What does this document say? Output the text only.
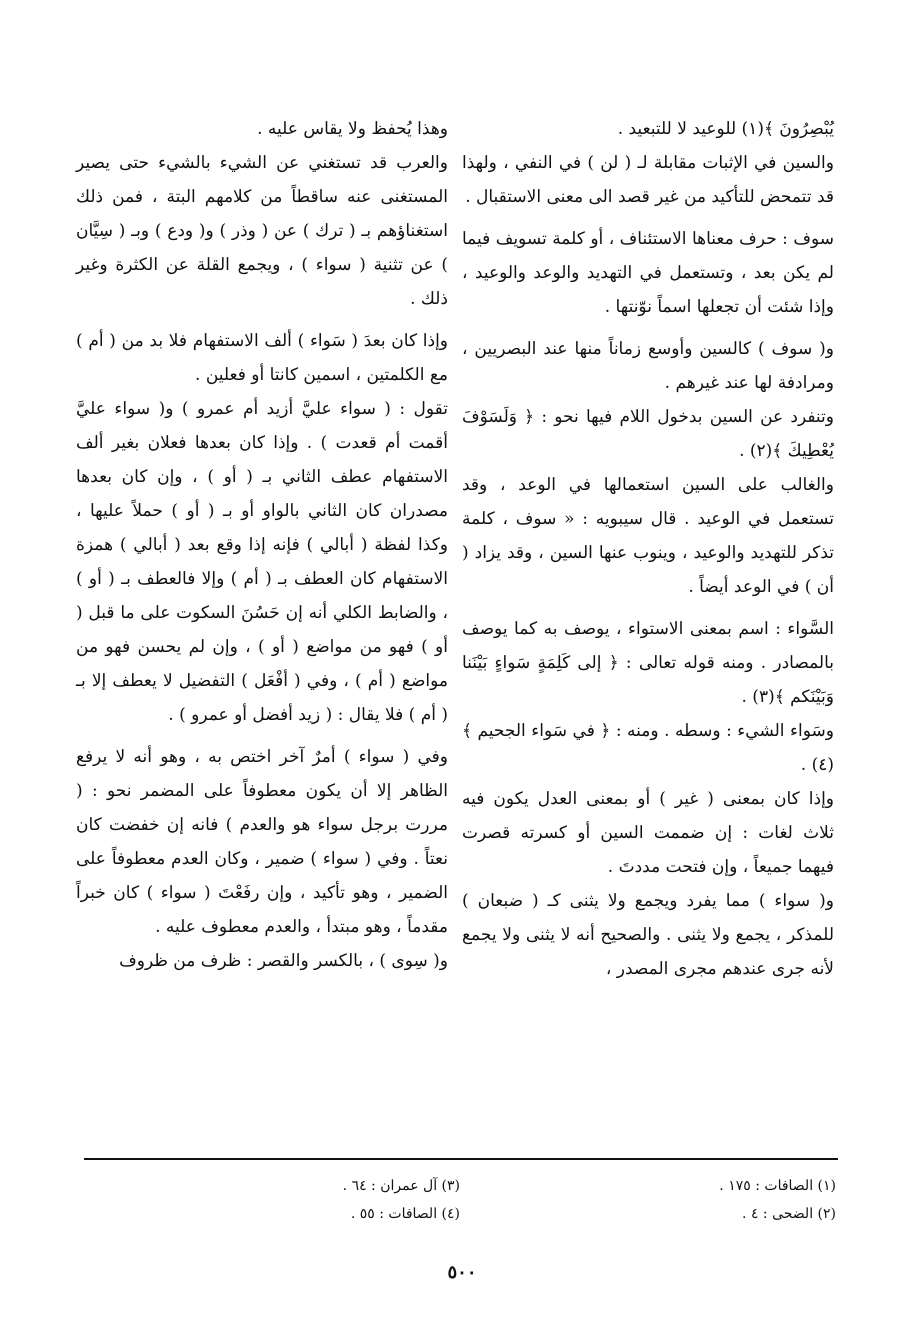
يُبْصِرُونَ ﴾(١) للوعيد لا للتبعيد .

والسين في الإثبات مقابلة لـ ( لن ) في النفي ، ولهذا قد تتمحض للتأكيد من غير قصد الى معنى الاستقبال .

سوف : حرف معناها الاستئناف ، أو كلمة تسويف فيما لم يكن بعد ، وتستعمل في التهديد والوعد والوعيد ، وإذا شئت أن تجعلها اسماً نوّنتها .

و( سوف ) كالسين وأوسع زماناً منها عند البصريين ، ومرادفة لها عند غيرهم .

وتنفرد عن السين بدخول اللام فيها نحو : ﴿ وَلَسَوْفَ يُعْطِيكَ ﴾(٢) .

والغالب على السين استعمالها في الوعد ، وقد تستعمل في الوعيد . قال سيبويه : « سوف ، كلمة تذكر للتهديد والوعيد ، وينوب عنها السين ، وقد يزاد ( أن ) في الوعد أيضاً .

السَّواء : اسم بمعنى الاستواء ، يوصف به كما يوصف بالمصادر . ومنه قوله تعالى : ﴿ إلى كَلِمَةٍ سَواءٍ بَيْنَنا وَبَيْنَكم ﴾(٣) .

وسَواء الشيء : وسطه . ومنه : ﴿ في سَواء الجحيم ﴾(٤) .

وإذا كان بمعنى ( غير ) أو بمعنى العدل يكون فيه ثلاث لغات : إن ضممت السين أو كسرته قصرت فيهما جميعاً ، وإن فتحت مددتَ .

و( سواء ) مما يفرد ويجمع ولا يثنى كـ ( ضبعان ) للمذكر ، يجمع ولا يثنى . والصحيح أنه لا يثنى ولا يجمع لأنه جرى عندهم مجرى المصدر ،

وهذا يُحفظ ولا يقاس عليه .

والعرب قد تستغني عن الشيء بالشيء حتى يصير المستغنى عنه ساقطاً من كلامهم البتة ، فمن ذلك استغناؤهم بـ ( ترك ) عن ( وذر ) و( ودع ) وبـ ( سِيَّان ) عن تثنية ( سواء ) ، ويجمع القلة عن الكثرة وغير ذلك .

وإذا كان بعدَ ( سَواء ) ألف الاستفهام فلا بد من ( أم ) مع الكلمتين ، اسمين كانتا أو فعلين .

تقول : ( سواء عليَّ أزيد أم عمرو ) و( سواء عليَّ أقمت أم قعدت ) . وإذا كان بعدها فعلان بغير ألف الاستفهام عطف الثاني بـ ( أو ) ، وإن كان بعدها مصدران كان الثاني بالواو أو بـ ( أو ) حملاً عليها ، وكذا لفظة ( أبالي ) فإنه إذا وقع بعد ( أبالي ) همزة الاستفهام كان العطف بـ ( أم ) وإلا فالعطف بـ ( أو ) ، والضابط الكلي أنه إن حَسُنَ السكوت على ما قبل ( أو ) فهو من مواضع ( أو ) ، وإن لم يحسن فهو من مواضع ( أم ) ، وفي ( أفْعَل ) التفضيل لا يعطف إلا بـ ( أم ) فلا يقال : ( زيد أفضل أو عمرو ) .

وفي ( سواء ) أمرٌ آخر اختص به ، وهو أنه لا يرفع الظاهر إلا أن يكون معطوفاً على المضمر نحو : ( مررت برجل سواء هو والعدم ) فانه إن خفضت كان نعتاً . وفي ( سواء ) ضمير ، وكان العدم معطوفاً على الضمير ، وهو تأكيد ، وإن رفَعْتَ ( سواء ) كان خبراً مقدماً ، وهو مبتدأ ، والعدم معطوف عليه .

و( سِوى ) ، بالكسر والقصر : ظرف من ظروف

(١) الصافات : ١٧٥ .
(٢) الضحى : ٤ .
(٣) آل عمران : ٦٤ .
(٤) الصافات : ٥٥ .
٥٠٠
